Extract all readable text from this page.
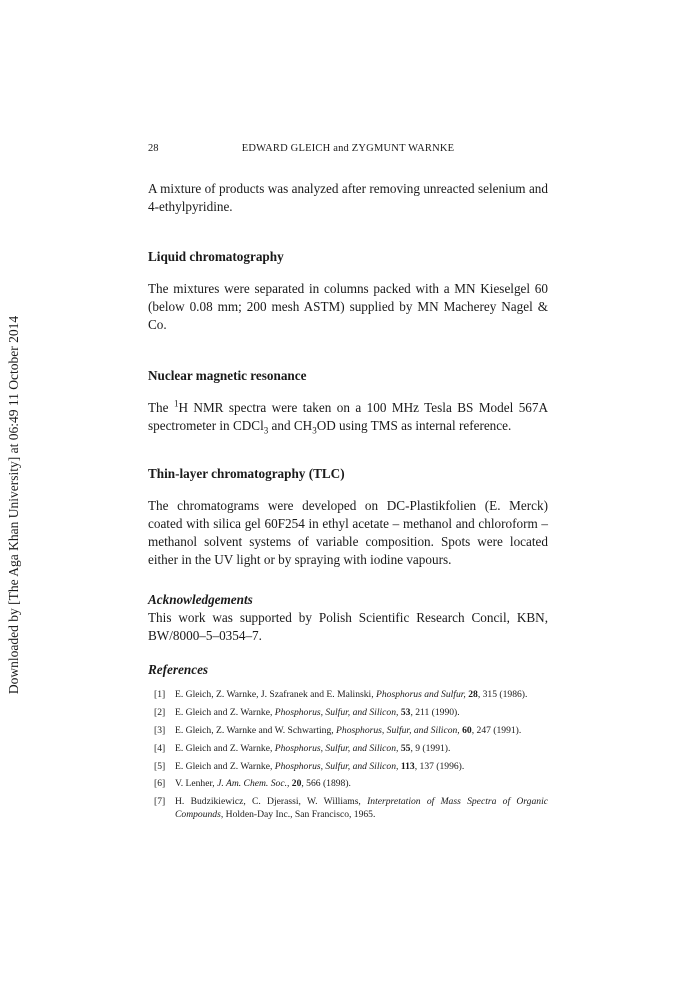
Downloaded by [The Aga Khan University] at 06:49 11 October 2014
28	EDWARD GLEICH and ZYGMUNT WARNKE

A mixture of products was analyzed after removing unreacted selenium and 4-ethylpyridine.

Liquid chromatography

The mixtures were separated in columns packed with a MN Kieselgel 60 (below 0.08 mm; 200 mesh ASTM) supplied by MN Macherey Nagel & Co.

Nuclear magnetic resonance

The $^1$H NMR spectra were taken on a 100 MHz Tesla BS Model 567A spectrometer in CDCl$_3$ and $CH_3OD$ using TMS as internal reference.

Thin-layer chromatography (TLC)

The chromatograms were developed on DC-Plastikfolien (E. Merck) coated with silica gel 60F254 in ethyl acetate – methanol and chloroform – methanol solvent systems of variable composition. Spots were located either in the UV light or by spraying with iodine vapours.

Acknowledgements

This work was supported by Polish Scientific Research Concil, KBN, BW/8000–5–0354–7.

References
[1] E. Gleich, Z. Warnke, J. Szafranek and E. Malinski, Phosphorus and Sulfur, 28, 315 (1986).
[2] E. Gleich and Z. Warnke, Phosphorus, Sulfur, and Silicon, 53, 211 (1990).
[3] E. Gleich, Z. Warnke and W. Schwarting, Phosphorus, Sulfur, and Silicon, 60, 247 (1991).
[4] E. Gleich and Z. Warnke, Phosphorus, Sulfur, and Silicon, 55, 9 (1991).
[5] E. Gleich and Z. Warnke, Phosphorus, Sulfur, and Silicon, 113, 137 (1996).
[6] V. Lenher, J. Am. Chem. Soc., 20, 566 (1898).
[7] H. Budzikiewicz, C. Djerassi, W. Williams, Interpretation of Mass Spectra of Organic Compounds, Holden-Day Inc., San Francisco, 1965.
